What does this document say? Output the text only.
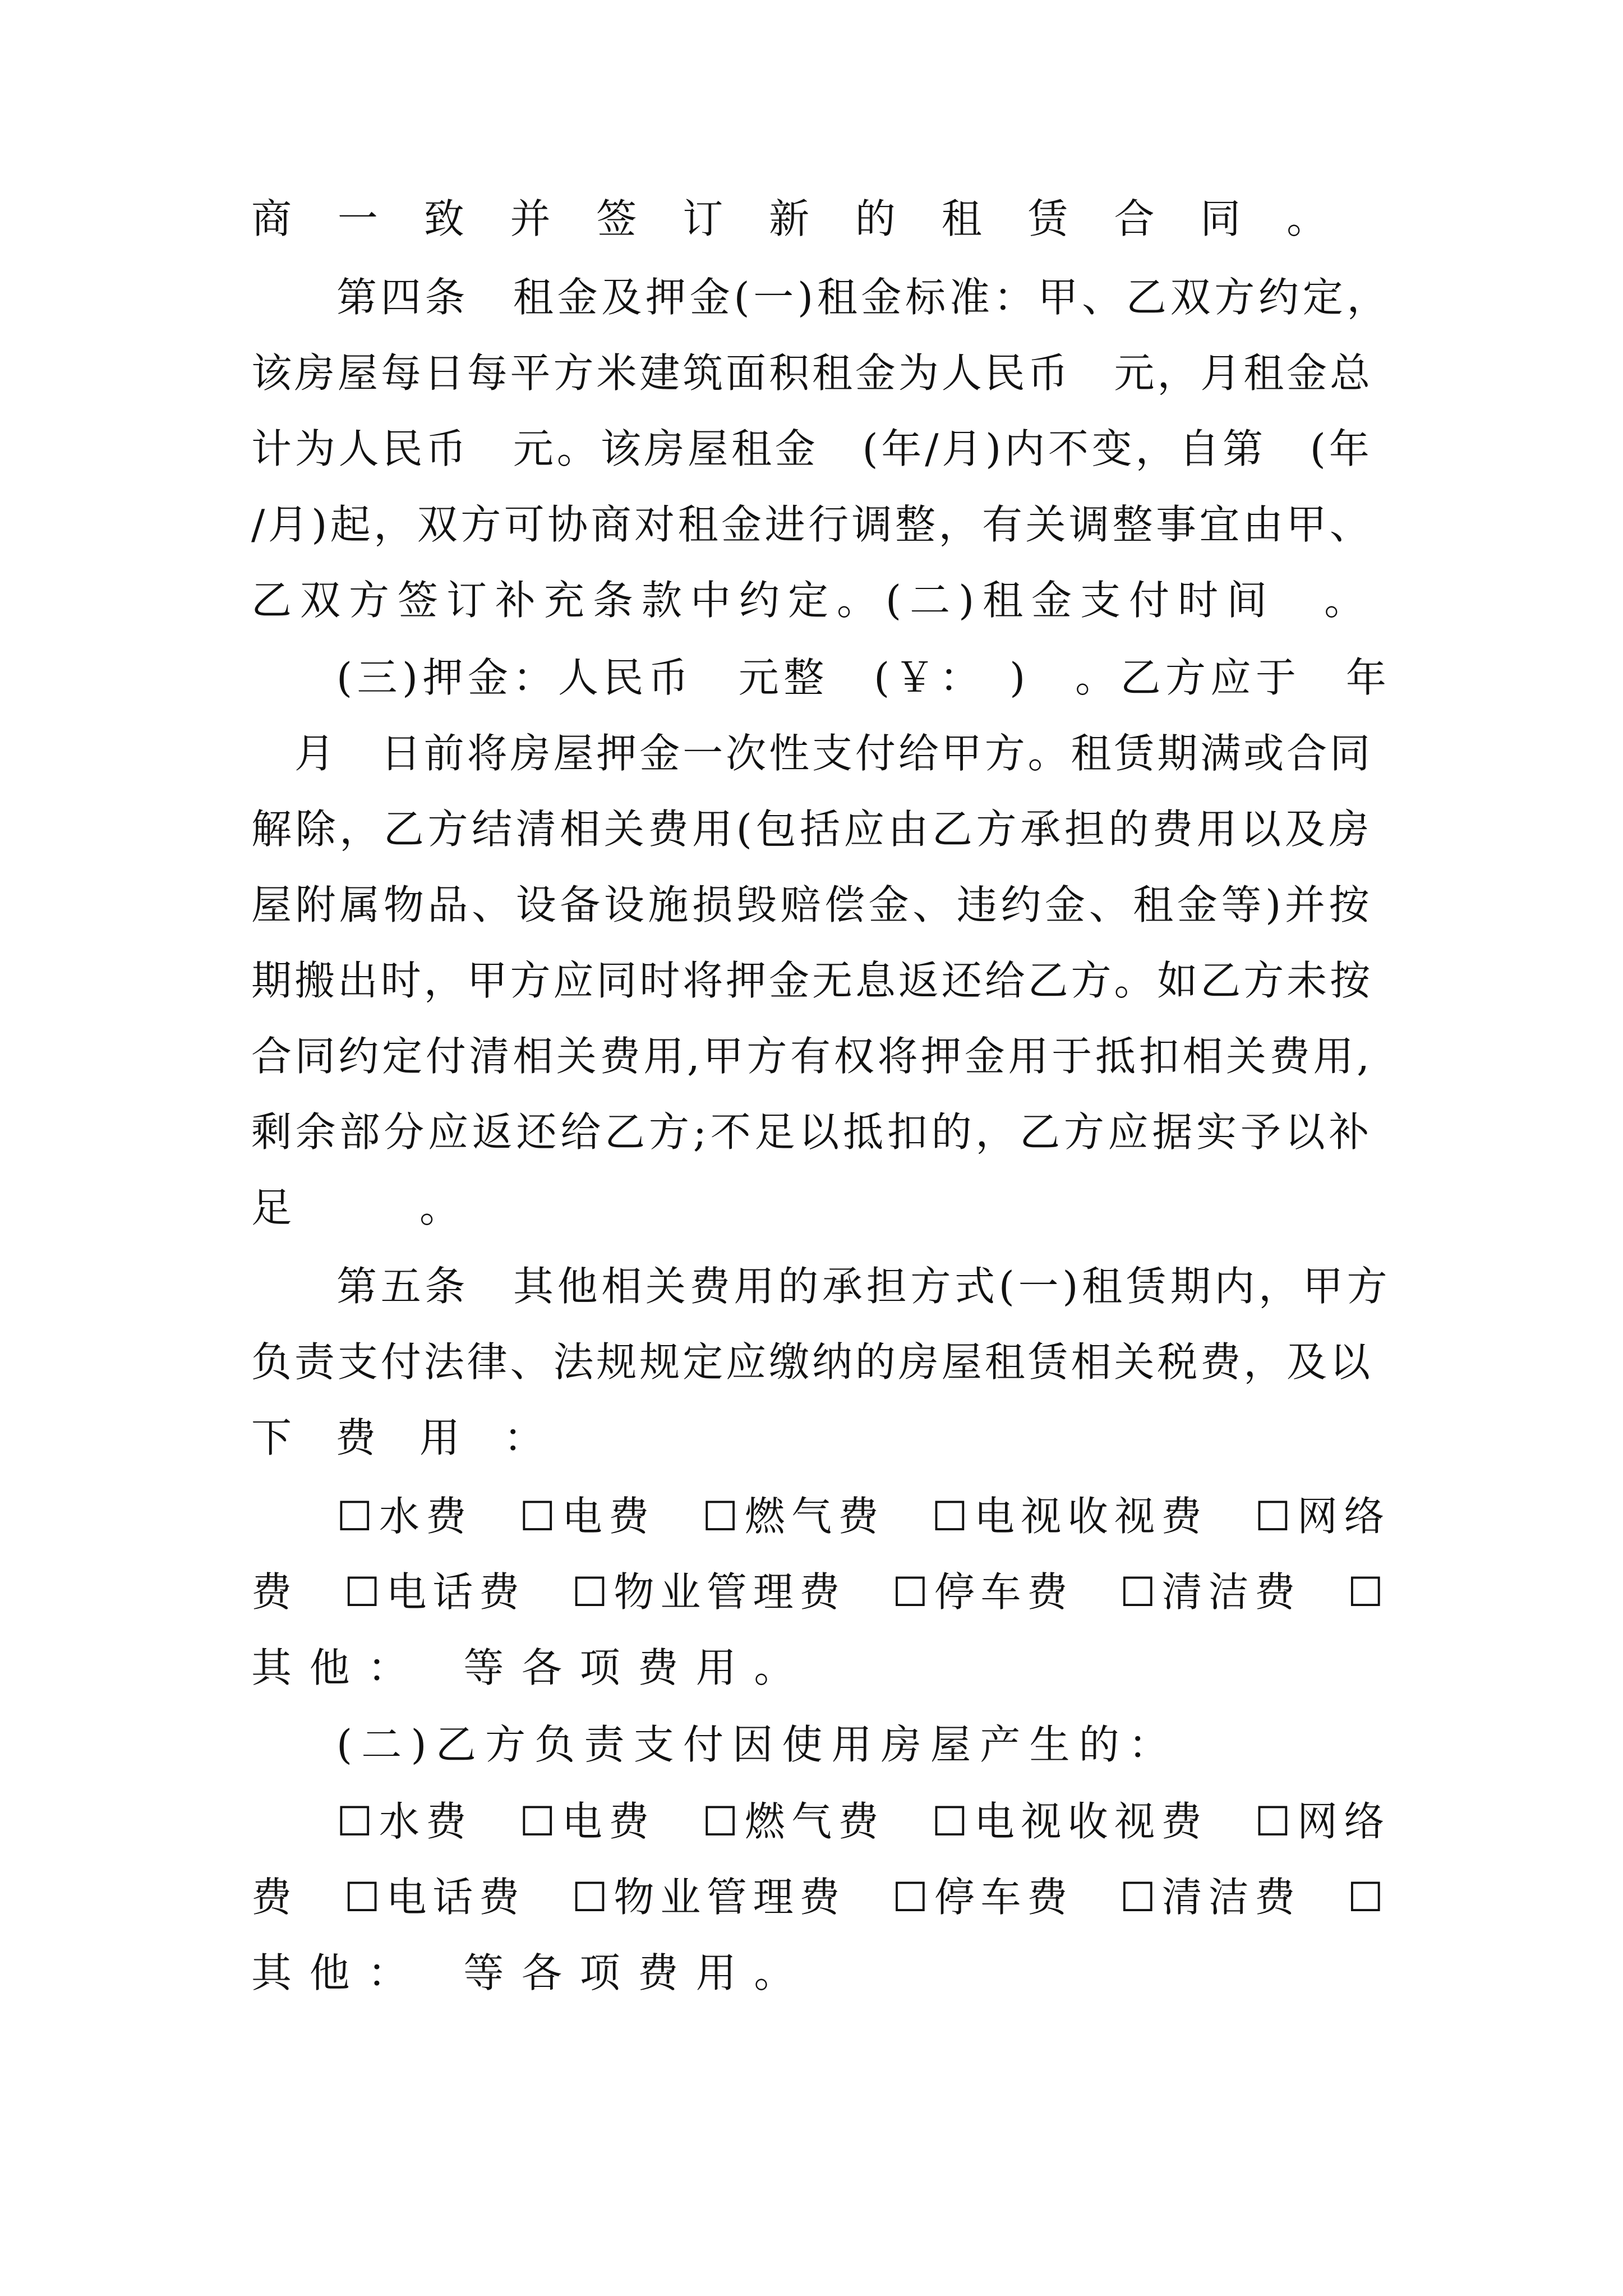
商一致并签订新的租赁合同。
第四条　租金及押金(一)租金标准：甲、乙双方约定，
该房屋每日每平方米建筑面积租金为人民币　元，月租金总
计为人民币　元。该房屋租金　(年/月)内不变，自第　(年
/月)起，双方可协商对租金进行调整，有关调整事宜由甲、
乙双方签订补充条款中约定。(二)租金支付时间　。
(三)押金：人民币　元整　(￥：　)　。乙方应于　年
　月　日前将房屋押金一次性支付给甲方。租赁期满或合同
解除，乙方结清相关费用(包括应由乙方承担的费用以及房
屋附属物品、设备设施损毁赔偿金、违约金、租金等)并按
期搬出时，甲方应同时将押金无息返还给乙方。如乙方未按
合同约定付清相关费用,甲方有权将押金用于抵扣相关费用,
剩余部分应返还给乙方;不足以抵扣的，乙方应据实予以补
足。
第五条　其他相关费用的承担方式(一)租赁期内，甲方
负责支付法律、法规规定应缴纳的房屋租赁相关税费，及以
下费用：
☐水费　☐电费　☐燃气费　☐电视收视费　☐网络
费　☐电话费　☐物业管理费　☐停车费　☐清洁费　☐
其他：　等各项费用。
(二)乙方负责支付因使用房屋产生的：
☐水费　☐电费　☐燃气费　☐电视收视费　☐网络
费　☐电话费　☐物业管理费　☐停车费　☐清洁费　☐
其他：　等各项费用。
